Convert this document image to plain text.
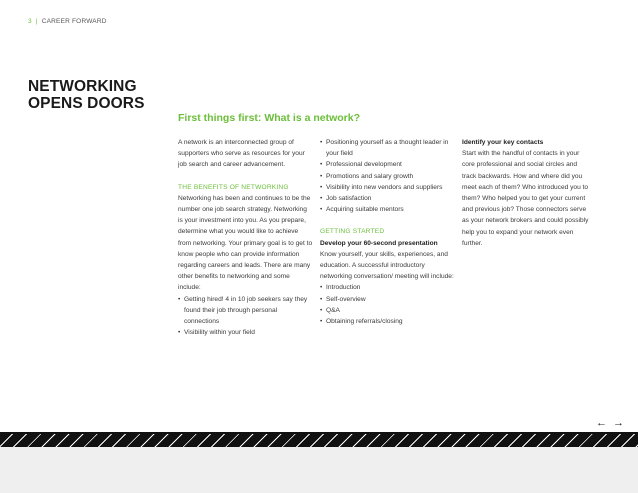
3 | CAREER FORWARD
NETWORKING
OPENS DOORS
First things first: What is a network?

A network is an interconnected group of supporters who serve as resources for your job search and career advancement.

THE BENEFITS OF NETWORKING

Networking has been and continues to be the number one job search strategy. Networking is your investment into you. As you prepare, determine what you would like to achieve from networking. Your primary goal is to get to know people who can provide information regarding careers and leads. There are many other benefits to networking and some include:

• Getting hired! 4 in 10 job seekers say they found their job through personal connections
• Visibility within your field
• Positioning yourself as a thought leader in your field
• Professional development
• Promotions and salary growth
• Visibility into new vendors and suppliers
• Job satisfaction
• Acquiring suitable mentors

GETTING STARTED

Develop your 60-second presentation

Know yourself, your skills, experiences, and education. A successful introductory networking conversation/ meeting will include:

• Introduction
• Self-overview
• Q&A
• Obtaining referrals/closing

Identify your key contacts

Start with the handful of contacts in your core professional and social circles and track backwards. How and where did you meet each of them? Who introduced you to them? Who helped you to get your current and previous job? Those connectors serve as your network brokers and could possibly help you to expand your network even further.

← →
